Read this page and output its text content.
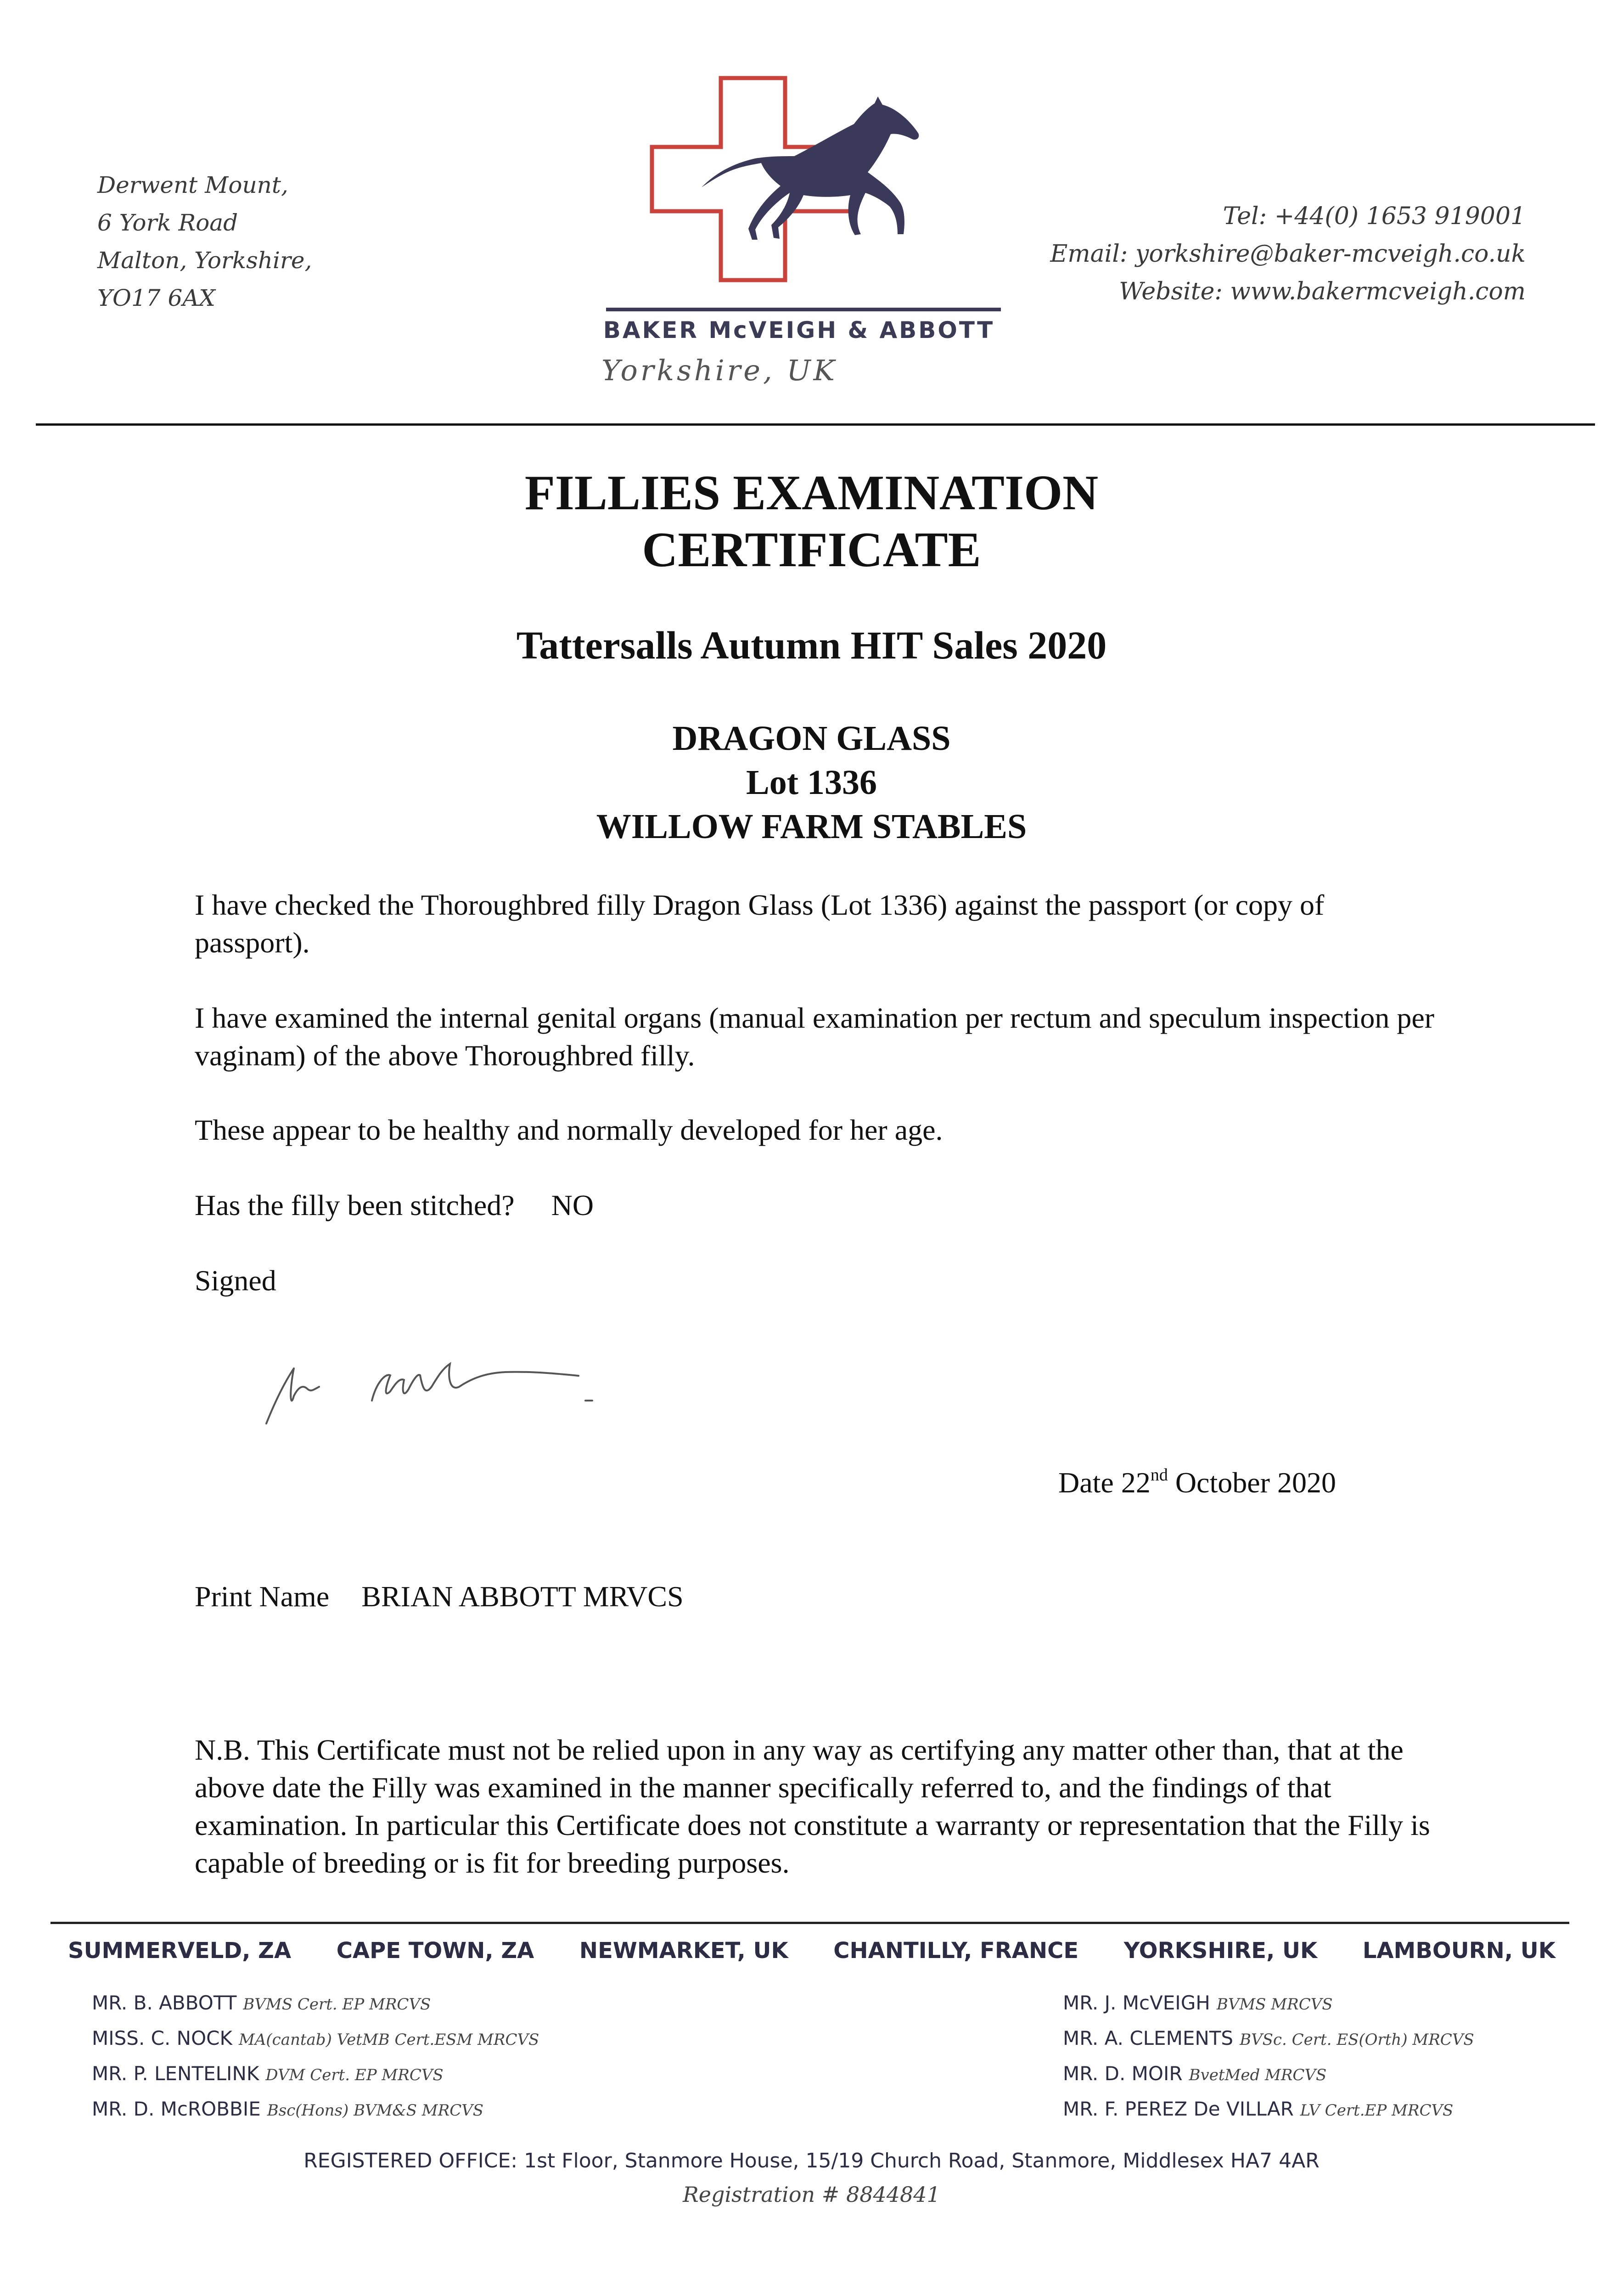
Derwent Mount,
6 York Road
Malton, Yorkshire,
YO17 6AX
BAKER McVEIGH & ABBOTT
Yorkshire, UK
Tel: +44(0) 1653 919001
Email: yorkshire@baker-mcveigh.co.uk
Website: www.bakermcveigh.com
FILLIES EXAMINATION
CERTIFICATE
Tattersalls Autumn HIT Sales 2020
DRAGON GLASS
Lot 1336
WILLOW FARM STABLES
I have checked the Thoroughbred filly Dragon Glass (Lot 1336) against the passport (or copy of passport).
I have examined the internal genital organs (manual examination per rectum and speculum inspection per vaginam) of the above Thoroughbred filly.
These appear to be healthy and normally developed for her age.
Has the filly been stitched? NO
Signed
Date 22nd October 2020
Print Name BRIAN ABBOTT MRVCS
N.B. This Certificate must not be relied upon in any way as certifying any matter other than, that at the above date the Filly was examined in the manner specifically referred to, and the findings of that examination. In particular this Certificate does not constitute a warranty or representation that the Filly is capable of breeding or is fit for breeding purposes.
SUMMERVELD, ZA CAPE TOWN, ZA NEWMARKET, UK CHANTILLY, FRANCE YORKSHIRE, UK LAMBOURN, UK
MR. B. ABBOTT BVMS Cert. EP MRCVS
MISS. C. NOCK MA(cantab) VetMB Cert.ESM MRCVS
MR. P. LENTELINK DVM Cert. EP MRCVS
MR. D. McROBBIE Bsc(Hons) BVM&S MRCVS
MR. J. McVEIGH BVMS MRCVS
MR. A. CLEMENTS BVSc. Cert. ES(Orth) MRCVS
MR. D. MOIR BvetMed MRCVS
MR. F. PEREZ De VILLAR LV Cert.EP MRCVS
REGISTERED OFFICE: 1st Floor, Stanmore House, 15/19 Church Road, Stanmore, Middlesex HA7 4AR
Registration # 8844841
